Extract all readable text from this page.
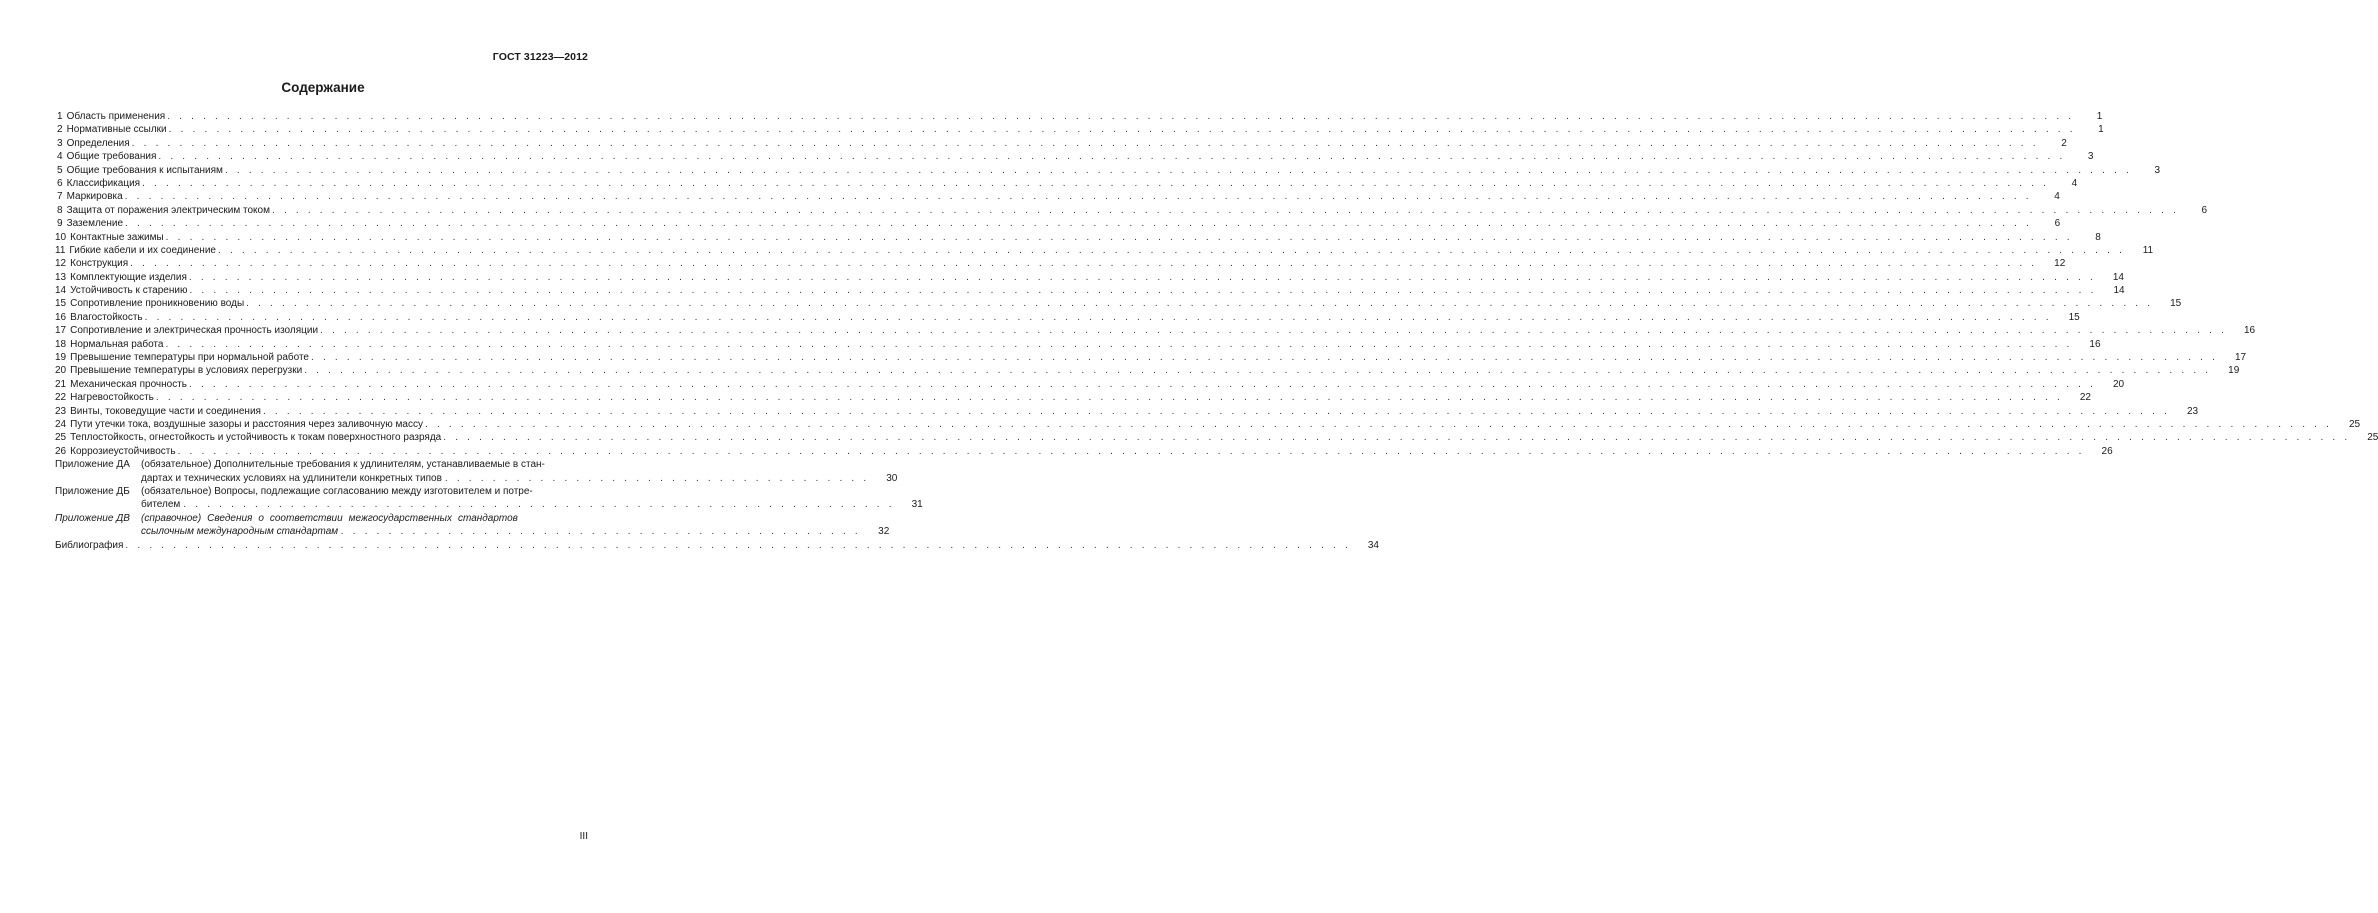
ГОСТ 31223—2012
Содержание
1 Область применения . . . . . . . . . . . . . . . . . . . . . . . . . . . . . . . . . . . . . . . . . . . . . . . . . . . . . . . . . . . . . . . . . . . . . . . . . . . . . . . . . . . . . . . . . . . . . . . . . . . . . . . . . . . . . . . . . . . . . . . . . . . . . . . . . . . . . . . . . . . . . . . . . . . . . . . . . . . . . . . .	1
2 Нормативные ссылки . . . . . . . . . . . . . . . . . . . . . . . . . . . . . . . . . . . . . . . . . . . . . . . . . . . . . . . . . . . . . . . . . . . . . . . . . . . . . . . . . . . . . . . . . . . . . . . . . . . . . . . . . . . . . . . . . . . . . . . . . . . . . . . . . . . . . . . . . . . . . . . . . . . . . . . . . . . . . . . .	1
3 Определения . . . . . . . . . . . . . . . . . . . . . . . . . . . . . . . . . . . . . . . . . . . . . . . . . . . . . . . . . . . . . . . . . . . . . . . . . . . . . . . . . . . . . . . . . . . . . . . . . . . . . . . . . . . . . . . . . . . . . . . . . . . . . . . . . . . . . . . . . . . . . . . . . . . . . . . . . . . . . . . .	2
4 Общие требования . . . . . . . . . . . . . . . . . . . . . . . . . . . . . . . . . . . . . . . . . . . . . . . . . . . . . . . . . . . . . . . . . . . . . . . . . . . . . . . . . . . . . . . . . . . . . . . . . . . . . . . . . . . . . . . . . . . . . . . . . . . . . . . . . . . . . . . . . . . . . . . . . . . . . . . . . . . . . . . .	3
5 Общие требования к испытаниям . . . . . . . . . . . . . . . . . . . . . . . . . . . . . . . . . . . . . . . . . . . . . . . . . . . . . . . . . . . . . . . . . . . . . . . . . . . . . . . . . . . . . . . . . . . . . . . . . . . . . . . . . . . . . . . . . . . . . . . . . . . . . . . . . . . . . . . . . . . . . . . . . . . . . . . . . . . . . . . .	3
6 Классификация . . . . . . . . . . . . . . . . . . . . . . . . . . . . . . . . . . . . . . . . . . . . . . . . . . . . . . . . . . . . . . . . . . . . . . . . . . . . . . . . . . . . . . . . . . . . . . . . . . . . . . . . . . . . . . . . . . . . . . . . . . . . . . . . . . . . . . . . . . . . . . . . . . . . . . . . . . . . . . . .	4
7 Маркировка . . . . . . . . . . . . . . . . . . . . . . . . . . . . . . . . . . . . . . . . . . . . . . . . . . . . . . . . . . . . . . . . . . . . . . . . . . . . . . . . . . . . . . . . . . . . . . . . . . . . . . . . . . . . . . . . . . . . . . . . . . . . . . . . . . . . . . . . . . . . . . . . . . . . . . . . . . . . . . . .	4
8 Защита от поражения электрическим током . . . . . . . . . . . . . . . . . . . . . . . . . . . . . . . . . . . . . . . . . . . . . . . . . . . . . . . . . . . . . . . . . . . . . . . . . . . . . . . . . . . . . . . . . . . . . . . . . . . . . . . . . . . . . . . . . . . . . . . . . . . . . . . . . . . . . . . . . . . . . . . . . . . . . . . . . . . . . . . .	6
9 Заземление . . . . . . . . . . . . . . . . . . . . . . . . . . . . . . . . . . . . . . . . . . . . . . . . . . . . . . . . . . . . . . . . . . . . . . . . . . . . . . . . . . . . . . . . . . . . . . . . . . . . . . . . . . . . . . . . . . . . . . . . . . . . . . . . . . . . . . . . . . . . . . . . . . . . . . . . . . . . . . . .	6
10 Контактные зажимы . . . . . . . . . . . . . . . . . . . . . . . . . . . . . . . . . . . . . . . . . . . . . . . . . . . . . . . . . . . . . . . . . . . . . . . . . . . . . . . . . . . . . . . . . . . . . . . . . . . . . . . . . . . . . . . . . . . . . . . . . . . . . . . . . . . . . . . . . . . . . . . . . . . . . . . . . . . . . . . .	8
11 Гибкие кабели и их соединение . . . . . . . . . . . . . . . . . . . . . . . . . . . . . . . . . . . . . . . . . . . . . . . . . . . . . . . . . . . . . . . . . . . . . . . . . . . . . . . . . . . . . . . . . . . . . . . . . . . . . . . . . . . . . . . . . . . . . . . . . . . . . . . . . . . . . . . . . . . . . . . . . . . . . . . . . . . . . . . .	11
12 Конструкция . . . . . . . . . . . . . . . . . . . . . . . . . . . . . . . . . . . . . . . . . . . . . . . . . . . . . . . . . . . . . . . . . . . . . . . . . . . . . . . . . . . . . . . . . . . . . . . . . . . . . . . . . . . . . . . . . . . . . . . . . . . . . . . . . . . . . . . . . . . . . . . . . . . . . . . . . . . . . . . .	12
13 Комплектующие изделия . . . . . . . . . . . . . . . . . . . . . . . . . . . . . . . . . . . . . . . . . . . . . . . . . . . . . . . . . . . . . . . . . . . . . . . . . . . . . . . . . . . . . . . . . . . . . . . . . . . . . . . . . . . . . . . . . . . . . . . . . . . . . . . . . . . . . . . . . . . . . . . . . . . . . . . . . . . . . . . .	14
14 Устойчивость к старению . . . . . . . . . . . . . . . . . . . . . . . . . . . . . . . . . . . . . . . . . . . . . . . . . . . . . . . . . . . . . . . . . . . . . . . . . . . . . . . . . . . . . . . . . . . . . . . . . . . . . . . . . . . . . . . . . . . . . . . . . . . . . . . . . . . . . . . . . . . . . . . . . . . . . . . . . . . . . . . .	14
15 Сопротивление проникновению воды . . . . . . . . . . . . . . . . . . . . . . . . . . . . . . . . . . . . . . . . . . . . . . . . . . . . . . . . . . . . . . . . . . . . . . . . . . . . . . . . . . . . . . . . . . . . . . . . . . . . . . . . . . . . . . . . . . . . . . . . . . . . . . . . . . . . . . . . . . . . . . . . . . . . . . . . . . . . . . . .	15
16 Влагостойкость . . . . . . . . . . . . . . . . . . . . . . . . . . . . . . . . . . . . . . . . . . . . . . . . . . . . . . . . . . . . . . . . . . . . . . . . . . . . . . . . . . . . . . . . . . . . . . . . . . . . . . . . . . . . . . . . . . . . . . . . . . . . . . . . . . . . . . . . . . . . . . . . . . . . . . . . . . . . . . . .	15
17 Сопротивление и электрическая прочность изоляции . . . . . . . . . . . . . . . . . . . . . . . . . . . . . . . . . . . . . . . . . . . . . . . . . . . . . . . . . . . . . . . . . . . . . . . . . . . . . . . . . . . . . . . . . . . . . . . . . . . . . . . . . . . . . . . . . . . . . . . . . . . . . . . . . . . . . . . . . . . . . . . . . . . . . . . . . . . . . . . .	16
18 Нормальная работа . . . . . . . . . . . . . . . . . . . . . . . . . . . . . . . . . . . . . . . . . . . . . . . . . . . . . . . . . . . . . . . . . . . . . . . . . . . . . . . . . . . . . . . . . . . . . . . . . . . . . . . . . . . . . . . . . . . . . . . . . . . . . . . . . . . . . . . . . . . . . . . . . . . . . . . . . . . . . . . .	16
19 Превышение температуры при нормальной работе . . . . . . . . . . . . . . . . . . . . . . . . . . . . . . . . . . . . . . . . . . . . . . . . . . . . . . . . . . . . . . . . . . . . . . . . . . . . . . . . . . . . . . . . . . . . . . . . . . . . . . . . . . . . . . . . . . . . . . . . . . . . . . . . . . . . . . . . . . . . . . . . . . . . . . . . . . . . . . . .	17
20 Превышение температуры в условиях перегрузки . . . . . . . . . . . . . . . . . . . . . . . . . . . . . . . . . . . . . . . . . . . . . . . . . . . . . . . . . . . . . . . . . . . . . . . . . . . . . . . . . . . . . . . . . . . . . . . . . . . . . . . . . . . . . . . . . . . . . . . . . . . . . . . . . . . . . . . . . . . . . . . . . . . . . . . . . . . . . . . .	19
21 Механическая прочность . . . . . . . . . . . . . . . . . . . . . . . . . . . . . . . . . . . . . . . . . . . . . . . . . . . . . . . . . . . . . . . . . . . . . . . . . . . . . . . . . . . . . . . . . . . . . . . . . . . . . . . . . . . . . . . . . . . . . . . . . . . . . . . . . . . . . . . . . . . . . . . . . . . . . . . . . . . . . . . .	20
22 Нагревостойкость . . . . . . . . . . . . . . . . . . . . . . . . . . . . . . . . . . . . . . . . . . . . . . . . . . . . . . . . . . . . . . . . . . . . . . . . . . . . . . . . . . . . . . . . . . . . . . . . . . . . . . . . . . . . . . . . . . . . . . . . . . . . . . . . . . . . . . . . . . . . . . . . . . . . . . . . . . . . . . . .	22
23 Винты, токоведущие части и соединения . . . . . . . . . . . . . . . . . . . . . . . . . . . . . . . . . . . . . . . . . . . . . . . . . . . . . . . . . . . . . . . . . . . . . . . . . . . . . . . . . . . . . . . . . . . . . . . . . . . . . . . . . . . . . . . . . . . . . . . . . . . . . . . . . . . . . . . . . . . . . . . . . . . . . . . . . . . . . . . .	23
24 Пути утечки тока, воздушные зазоры и расстояния через заливочную массу . . . . . . . . . . . . . . . . . . . . . . . . . . . . . . . . . . . . . . . . . . . . . . . . . . . . . . . . . . . . . . . . . . . . . . . . . . . . . . . . . . . . . . . . . . . . . . . . . . . . . . . . . . . . . . . . . . . . . . . . . . . . . . . . . . . . . . . . . . . . . . . . . . . . . . . . . . . . . . . .	25
25 Теплостойкость, огнестойкость и устойчивость к токам поверхностного разряда . . . . . . . . . . . . . . . . . . . . . . . . . . . . . . . . . . . . . . . . . . . . . . . . . . . . . . . . . . . . . . . . . . . . . . . . . . . . . . . . . . . . . . . . . . . . . . . . . . . . . . . . . . . . . . . . . . . . . . . . . . . . . . . . . . . . . . . . . . . . . . . . . . . . . . . . . . . . . . . .	25
26 Коррозиеустойчивость . . . . . . . . . . . . . . . . . . . . . . . . . . . . . . . . . . . . . . . . . . . . . . . . . . . . . . . . . . . . . . . . . . . . . . . . . . . . . . . . . . . . . . . . . . . . . . . . . . . . . . . . . . . . . . . . . . . . . . . . . . . . . . . . . . . . . . . . . . . . . . . . . . . . . . . . . . . . . . . .	26
Приложение ДА	(обязательное) Дополнительные требования к удлинителям, устанавливаемые в стан-
дартах и технических условиях на удлинители конкретных типов . . . . . . . . . . . . . . . . . . . . . . . . . . . . . . . . . . . .	30
Приложение ДБ	(обязательное) Вопросы, подлежащие согласованию между изготовителем и потре-
бителем . . . . . . . . . . . . . . . . . . . . . . . . . . . . . . . . . . . . . . . . . . . . . . . . . . . . . . . . . . . .	31
Приложение ДВ	(справочное) Сведения о соответствии межгосударственных стандартов
ссылочным международным стандартам . . . . . . . . . . . . . . . . . . . . . . . . . . . . . . . . . . . . . . . . . . . .	32
Библиография . . . . . . . . . . . . . . . . . . . . . . . . . . . . . . . . . . . . . . . . . . . . . . . . . . . . . . . . . . . . . . . . . . . . . . . . . . . . . . . . . . . . . . . . . . . . . . . . . . . . . . .	34
III
